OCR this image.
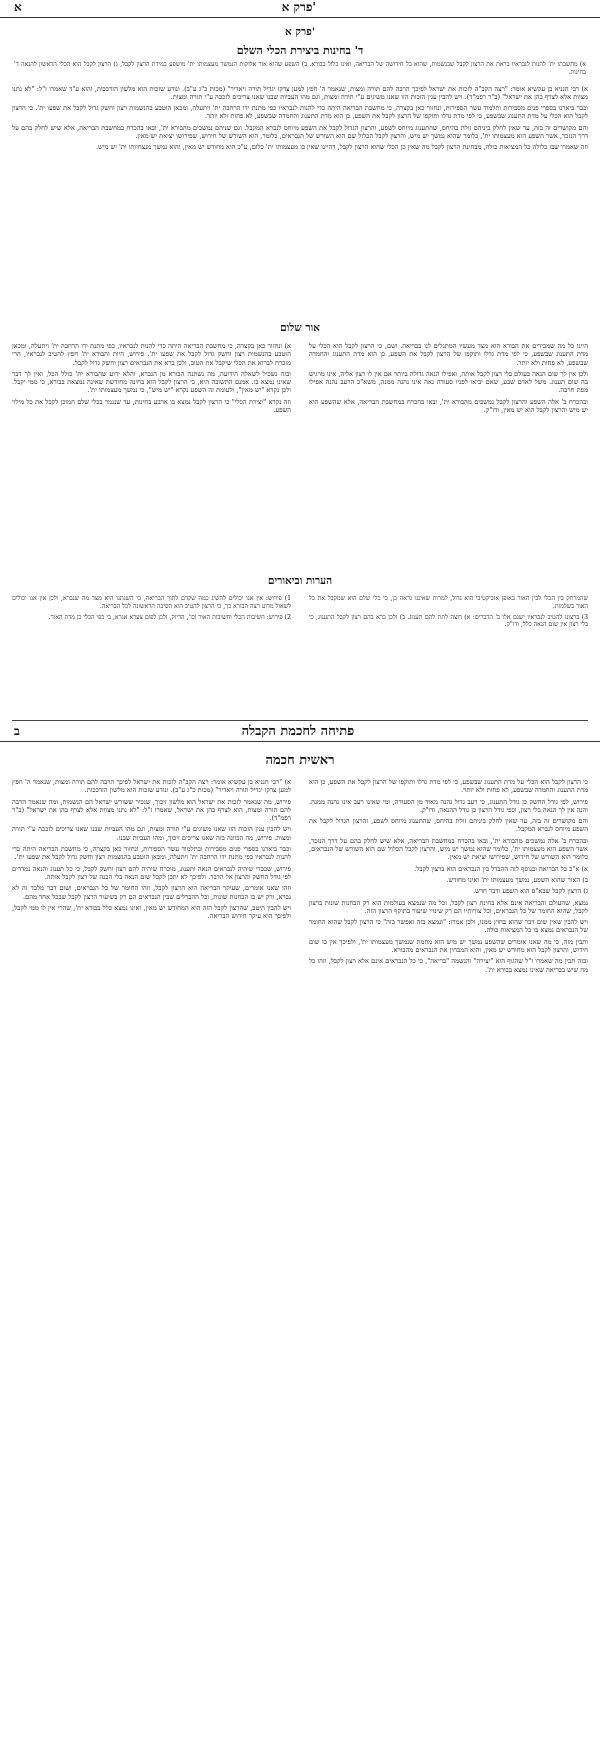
א	פרק א'
פרק א'
ד' בחינות ביצירת הכלי השלם
א) מחשבתו ית' להנות לנבראיו בראת את הרצון לקבל שבנשמות, שהוא כל חידושה של הבריאה, ואינו כלול בבורא. ב) השפע שהוא אור אלוקות הנמשך מעצמותו ית' מושפע במידת הרצון לקבל, ג) הרצון לקבל הוא הכלי הראשון להנאה ד' בחינות.

א) רבי חנניא בן עקשיא אומר: "רצה הקב"ה לזכות את ישראל לפיכך הרבה להם תורה ומצות, שנאמר ה' חפץ למען צדקו יגדיל תורה ויאדיר" (מכות כ"ג ע"ב). ונודע שזכות הוא מלשון הזדככות, והוא ע"ד שאמרו ז"ל: "לא נתנו מצוות אלא לצרף בהן את ישראל" (ב"ר רפמ"ד). ויש להבין ענין הזכות הזו שאנו משיגים ע"י תורה ומצות, וגם מהו העביות שבנו שאנו צריכים לזככה ע"י תורה ומצות.

וכבר ביארנו בספרי פנים מסבירות ותלמוד עשר הספירות, ונחזור כאן בקצרה, כי מחשבת הבריאה היתה כדי להנות לנבראיו כפי מתנת ידו הרחבה ית' ויתעלה, ומכאן הוטבע בהנשמות רצון וחשק גדול לקבל את שפעו ית'. כי הרצון לקבל הוא הכלי על מדת התענוג שבשפע, כי לפי מדת גדלו ותוקפו של הרצון לקבל את השפע, כן הוא מדת התענוג והחמדה שבשפע, לא פחות ולא יותר.

והם מקושרים זה בזה, עד שאין לחלק ביניהם זולת בהיחס, שהתענוג מיוחס לשפע, והרצון הגדול לקבל את השפע מיוחס לנברא המקבל. וגם שניהם נמשכים מהבורא ית', ובאו בהכרח במחשבת הבריאה, אלא שיש לחלק בהם על דרך הנזכר, אשר השפע הוא מעצמותו ית', כלומר שהוא נמשך יש מיש, והרצון לקבל הכלול שם הוא השורש של הנבראים, כלומר, הוא השורש של חידוש, שפירושו יציאת יש מאין.

וזה שאמרו שבו כלולה כל המציאות כולה, מבחינת הרצון לקבל מה שאין כן הכלי שהוא הרצון לקבל, דהיינו שאין בו מעצמותו ית' כלום, ע"כ הוא מחודש יש מאין, והוא נמשך מנצחיותו ית' יש מיש.

אור שלום

א) ונחזור כאן בקצרה, כי מחשבת הבריאה היתה כדי להנות לנבראיו, כפי מתנת ידו הרחבה ית' ויתעלה, ומכאן הוטבע בהנשמות רצון וחשק גדול לקבל את שפעו ית'. פירוש, היות והבורא ית' חפץ להטיב לנבראיו, הרי מוכרח לברוא את הכלי שיקבל את הטוב, ולכן ברא את הנבראים רצון וחשק גדול לקבל.

ובזה נשכיל לשאלה הידועה, מה נשתנה הבורא מן הנברא, והלא ידוע שהבורא ית' כולל הכל, ואין לך דבר שאינו נמצא בו. אמנם התשובה היא, כי הרצון לקבל הוא בחינה מחודשת שאינה נמצאת בבורא, כי ממי יקבל. ולכן נקרא "יש מאין", ולעומת זה השפע נקרא "יש מיש", כי נמשך מעצמותו ית'.

וזה נקרא "יצירת הכלי" כי הרצון לקבל נמצא בו ארבע בחינות, עד שנגמר בכלי שלם המוכן לקבל את כל מילוי השפע.

היינו כל מה שמכירים את הבורא הוא מצד מעשיו המתגלים לנו בבריאה. ושם, כי הרצון לקבל הוא הכלי על מדת התענוג שבשפע, כי לפי מדת גדלו ותוקפו של הרצון לקבל את השפע, כן הוא מדת התענוג והחמדה שבשפע, לא פחות ולא יותר.

ולכן אין לך שום הנאה בעולם בלי רצון לקבל אותה, ואפילו הנאה גדולה ביותר אם אין לו רצון אליה, אינו מרגיש בה שום תענוג. משל לאדם שבע, שאם יביאו לפניו סעודה נאה אינו נהנה ממנה, משא"כ הרעב נהנה אפילו מפת חרבה.

ובהכרח ב' אלה השפע והרצון לקבל נמשכים מהבורא ית', ובאו בהכרח במחשבת הבריאה, אלא שהשפע הוא יש מיש והרצון לקבל הוא יש מאין, ודו"ק.

הערות וביאורים

1) פירוש: אין אנו יכולים להשיג כמה שקדם לתוך הבריאה, כי השגתנו היא מצד מה שנברא, ולכן אין אנו יכולים לשאול מדוע רצה הבורא כך, כי הרצון להטיב הוא הסיבה הראשונה לכל הבריאה.

2) פירוש: חשיבות הכלי וחשיבות האור וכו', הדיוק, ולכן לפום צערא אגרא, כי כפי הכלי כן מדת האור.

שהמרחק בין הכלי לבין האור באופן אוביקטיבי הוא גדול, למרות שאיננו נראה כן, כי כלי שלם הוא שמקבל את כל האור בשלמות.

3) ברצונו להטיב לנבראיו ישנם אלו ב' הדברים: א) רוצה לתת להם תענוג. ב) ולכן ברא בהם רצון לקבל התענוג, כי בלי רצון אין שום הנאה כלל, ודו"ק.

ב	פתיחה לחכמת הקבלה
ראשית חכמה

א) "רבי חנניא בן עקשיא אומר: רצה הקב"ה לזכות את ישראל לפיכך הרבה להם תורה ומצות, שנאמר ה' חפץ למען צדקו יגדיל תורה ויאדיר" (מכות כ"ג ע"ב). ונודע שזכות הוא מלשון הזדככות.

פירוש, מה שנאמר לזכות את ישראל הוא מלשון זיכוך, שנכיר ששורש ישראל הם הנשמות, ומה שנאמר הרבה להם תורה ומצות, הוא לצרף בהן את ישראל, שאמרו ז"ל: "לא נתנו מצוות אלא לצרף בהן את ישראל" (ב"ר רפמ"ד).

ויש להבין ענין הזכות הזו שאנו משיגים ע"י תורה ומצות, וגם מהו העביות שבנו שאנו צריכים לזככה ע"י תורה ומצות. פירוש, מה הכוונה בזה שאנו צריכים זיכוך, ומהו העביות שבנו.

וכבר ביארנו בספרי פנים מסבירות ובתלמוד עשר הספירות, ונחזור כאן בקצרה, כי מחשבת הבריאה היתה כדי להנות לנבראיו כפי מתנת ידו הרחבה ית' ויתעלה, ומכאן הוטבע בהנשמות רצון וחשק גדול לקבל את שפעו ית'.

פירוש, שבכדי שיהיה לנבראים הנאה ותענוג, מוכרח שיהיה להם רצון וחשק לקבל, כי כל תענוג והנאה נמדדים לפי גודל החשק והרצון אל הדבר. ולפיכך לא יתכן לקבל שום הנאה בלי הכנה של רצון לקבל אותה.

וזהו שאנו אומרים, שעיקר הבריאה הוא הרצון לקבל, וזהו החומר של כל הנבראים, ושום דבר מלבד זה לא נברא, ורק יש בו הבחנות שונות, וכל ההבדלים שבין הנבראים הם רק בשיעור הרצון לקבל שבכל אחד מהם.

ויש להבין היטב, שהרצון לקבל הזה הוא המחודש יש מאין, ואינו נמצא כלל בבורא ית', שהרי אין לו ממי לקבל, ולפיכך הוא עיקר חידוש הבריאה.

כי הרצון לקבל הוא הכלי על מדת התענוג שבשפע, כי לפי מדת גדלו ותוקפו של הרצון לקבל את השפע, כן הוא מדת התענוג והחמדה שבשפע, לא פחות ולא יותר.

פירוש, לפי גודל החשק כן גודל התענוג, כי רעב גדול נהנה מאוד מן הסעודה, ומי שאינו רעב אינו נהנה ממנה. והנה אין לך הנאה בלי רצון, וכפי גודל הרצון כן גודל ההנאה, ודו"ק.

והם מקושרים זה בזה, עד שאין לחלק ביניהם זולת בהיחס, שהתענוג מיוחס לשפע, והרצון הגדול לקבל את השפע מיוחס לנברא המקבל.

ובהכרח ב' אלה נמשכים מהבורא ית', ובאו בהכרח במחשבת הבריאה, אלא שיש לחלק בהם על דרך הנזכר, אשר השפע הוא מעצמותו ית', כלומר שהוא נמשך יש מיש, והרצון לקבל הכלול שם הוא השורש של הנבראים, כלומר הוא השורש של חידוש, שפירושו יציאת יש מאין.

א) א"כ כל הבריאה ובנוסף לזה ההבדל בין הנבראים הוא ברצון לקבל.

ב) האור שהוא השפע, נמשך מעצמותו ית' ואינו מחודש.

ג) הרצון לקבל שבא"ס הוא השפע ודבר חדש.

נמצא, שהעולם והבריאה אינם אלא בחינת רצון לקבל, וכל מה שנמצא בעולמות הוא רק הבחנות שונות ברצון לקבל, שהוא החומר של כל הנבראים, וכל צורותיו הם רק שינויי שיעור בתוקף הרצון הזה.

ויש להבין שאין שום דבר שהוא בחוץ ממנו, ולכן אמרו: "ונמצא בזה ואפשר בזה" כי הרצון לקבל שהוא החומר של הנבראים נמצא בו כל המציאות כולה.

ותבין מזה, כי מה שאנו אומרים שהשפע נמשך יש מיש הוא מחמת שנמשך מעצמותו ית', ולפיכך אין בו שום חידוש, והרצון לקבל הוא מחודש יש מאין, והוא המבחין את הנבראים מהבורא.

ובזה תבין מה שאמרו ז"ל שהגוף הוא "יצירה" והנשמה "בריאה", כי כל הנבראים אינם אלא רצון לקבל, וזהו כל מה שיש בבריאה שאינו נמצא בבורא ית'.
